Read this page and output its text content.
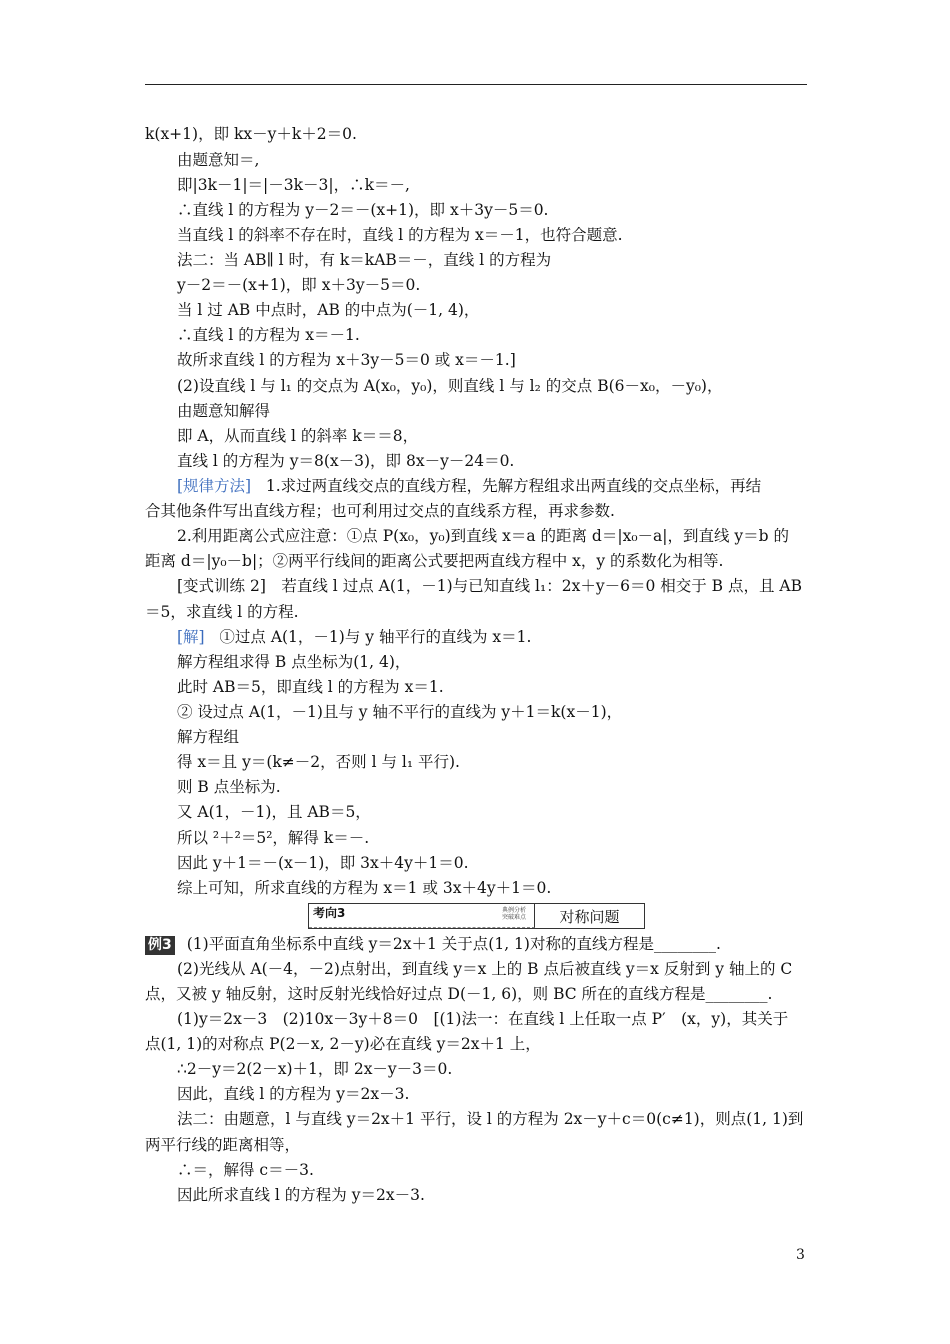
k(x+1)，即 kx－y＋k＋2＝0.
由题意知＝,
即|3k－1|＝|－3k－3|，∴k＝－,
∴直线 l 的方程为 y－2＝－(x+1)，即 x＋3y－5＝0.
当直线 l 的斜率不存在时，直线 l 的方程为 x＝－1，也符合题意.
法二：当 AB∥ l 时，有 k＝kAB＝－，直线 l 的方程为
y－2＝－(x+1)，即 x＋3y－5＝0.
当 l 过 AB 中点时，AB 的中点为(－1, 4)，
∴直线 l 的方程为 x＝－1.
故所求直线 l 的方程为 x＋3y－5＝0 或 x＝－1.]
(2)设直线 l 与 l₁ 的交点为 A(x₀，y₀)，则直线 l 与 l₂ 的交点 B(6－x₀，－y₀)，
由题意知解得
即 A，从而直线 l 的斜率 k＝＝8，
直线 l 的方程为 y＝8(x－3)，即 8x－y－24＝0.
[规律方法] 1.求过两直线交点的直线方程，先解方程组求出两直线的交点坐标，再结
合其他条件写出直线方程；也可利用过交点的直线系方程，再求参数.
2.利用距离公式应注意：①点 P(x₀，y₀)到直线 x＝a 的距离 d＝|x₀－a|，到直线 y＝b 的
距离 d＝|y₀－b|；②两平行线间的距离公式要把两直线方程中 x，y 的系数化为相等.
[变式训练 2]　若直线 l 过点 A(1，－1)与已知直线 l₁：2x＋y－6＝0 相交于 B 点，且 AB
＝5，求直线 l 的方程.
[解] ①过点 A(1，－1)与 y 轴平行的直线为 x＝1.
解方程组求得 B 点坐标为(1, 4)，
此时 AB＝5，即直线 l 的方程为 x＝1.
② 设过点 A(1，－1)且与 y 轴不平行的直线为 y＋1＝k(x－1)，
解方程组
得 x＝且 y＝(k≠－2，否则 l 与 l₁ 平行).
则 B 点坐标为.
又 A(1，－1)，且 AB＝5，
所以 ²＋²＝5²，解得 k＝－.
因此 y＋1＝－(x－1)，即 3x＋4y＋1＝0.
综上可知，所求直线的方程为 x＝1 或 3x＋4y＋1＝0.
考向3	典例分析
突破难点	对称问题
例3 (1)平面直角坐标系中直线 y＝2x＋1 关于点(1, 1)对称的直线方程是________.
(2)光线从 A(－4，－2)点射出，到直线 y＝x 上的 B 点后被直线 y＝x 反射到 y 轴上的 C
点，又被 y 轴反射，这时反射光线恰好过点 D(－1, 6)，则 BC 所在的直线方程是________.
(1)y＝2x－3　(2)10x－3y＋8＝0　[(1)法一：在直线 l 上任取一点 P′　(x，y)，其关于
点(1, 1)的对称点 P(2－x, 2－y)必在直线 y＝2x＋1 上，
∴2－y＝2(2－x)＋1，即 2x－y－3＝0.
因此，直线 l 的方程为 y＝2x－3.
法二：由题意，l 与直线 y＝2x＋1 平行，设 l 的方程为 2x－y＋c＝0(c≠1)，则点(1, 1)到
两平行线的距离相等，
∴＝，解得 c＝－3.
因此所求直线 l 的方程为 y＝2x－3.
3
